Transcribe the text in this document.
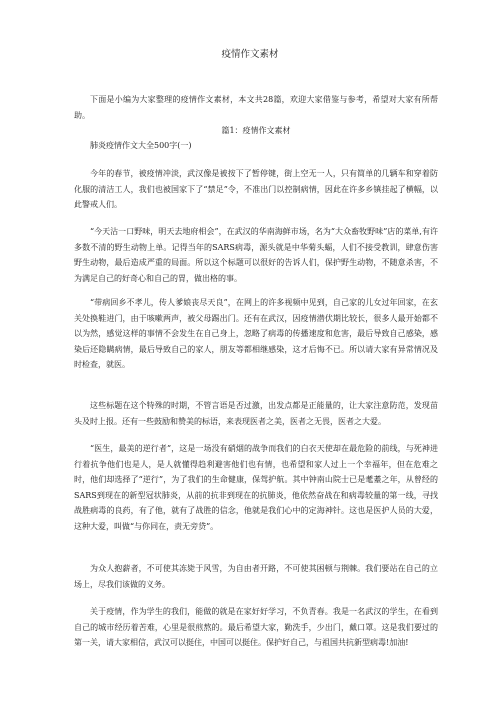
疫情作文素材

下面是小编为大家整理的疫情作文素材，本文共28篇，欢迎大家借鉴与参考，希望对大家有所帮助。

篇1：疫情作文素材

肺炎疫情作文大全500字(一)

今年的春节，被疫情冲淡，武汉像是被按下了暂停键，街上空无一人，只有简单的几辆车和穿着防化服的清洁工人，我们也被国家下了“禁足”令，不准出门以控制病情，因此在许多乡镇挂起了横幅，以此警戒人们。

“今天沾一口野味，明天去地府相会”，在武汉的华南海鲜市场，名为“大众畜牧野味”店的菜单,有许多数不清的野生动物上单。记得当年的SARS病毒，源头就是中华菊头蝠，人们不接受教训，肆意伤害野生动物，最后造成严重的局面。所以这个标题可以很好的告诉人们，保护野生动物，不随意杀害，不为满足自己的好奇心和自己的胃，做出格的事。

“带病回乡不孝儿，传人爹娘丧尽天良”，在网上的许多视频中见到，自己家的儿女过年回家，在玄关处换鞋进门，由于咳嗽两声，被父母踢出门。还有在武汉，因疫情潜伏期比较长，很多人最开始都不以为然，感觉这样的事情不会发生在自己身上，忽略了病毒的传播速度和危害，最后导致自己感染，感染后还隐瞒病情，最后导致自己的家人，朋友等都相继感染，这才后悔不已。所以请大家有异常情况及时检查，就医。

这些标题在这个特殊的时期，不管言语是否过激，出发点都是正能量的，让大家注意防范，发现苗头及时上报。还有一些鼓励和赞美的标语，来表现医者之美，医者之无畏，医者之大爱。

“医生，最美的逆行者”，这是一场没有硝烟的战争而我们的白衣天使却在最危险的前线，与死神进行着抗争他们也是人，是人就懂得趋利避害他们也有情，也希望和家人过上一个幸福年，但在危难之时，他们却选择了“逆行”，为了我们的生命健康，保驾护航。其中钟南山院士已是耄耋之年，从曾经的SARS到现在的新型冠状肺炎，从前的抗非到现在的抗肺炎，他依然奋战在和病毒较量的第一线，寻找战胜病毒的良药，有了他，就有了战胜的信念，他就是我们心中的定海神针。这也是医护人员的大爱，这种大爱，叫做“与你同在，责无旁贷”。

为众人抱薪者，不可使其冻毙于风雪，为自由者开路，不可使其困顿与荆棘。我们要站在自己的立场上，尽我们该做的义务。

关于疫情，作为学生的我们，能做的就是在家好好学习，不负青春。我是一名武汉的学生，在看到自己的城市经历着苦难，心里是很煎熬的。最后希望大家，勤洗手，少出门，戴口罩。这是我们要过的第一关，请大家相信，武汉可以挺住，中国可以挺住。保护好自己，与祖国共抗新型病毒!加油!
